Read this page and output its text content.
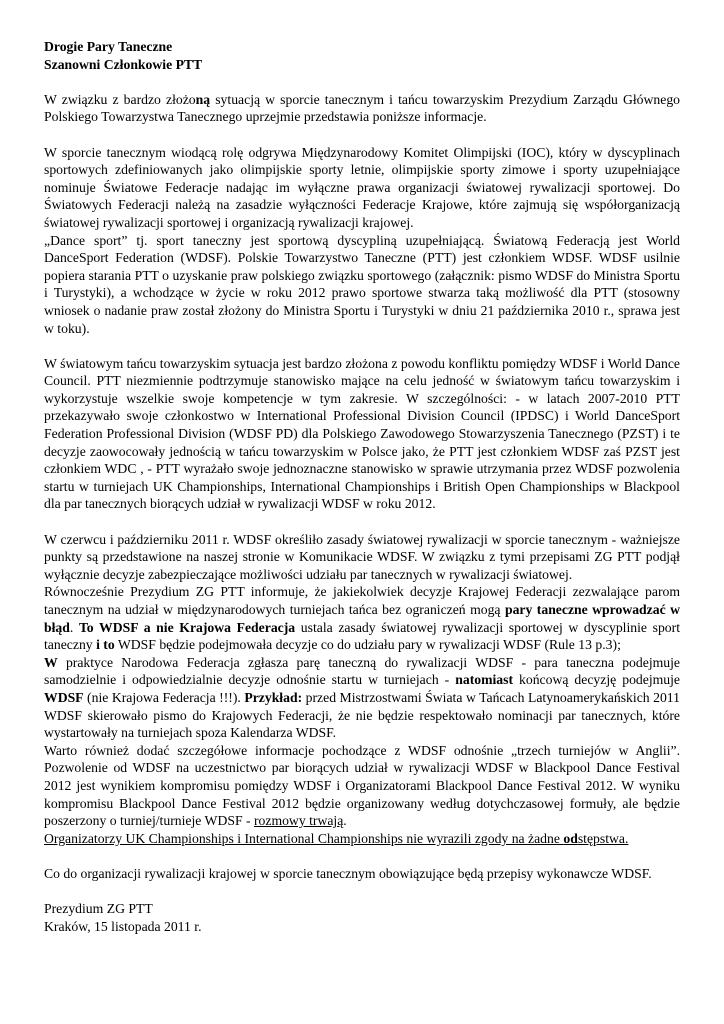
Drogie Pary Taneczne
Szanowni Członkowie PTT

W związku z bardzo złożoną sytuacją w sporcie tanecznym i tańcu towarzyskim Prezydium Zarządu Głównego Polskiego Towarzystwa Tanecznego uprzejmie przedstawia poniższe informacje.

W sporcie tanecznym wiodącą rolę odgrywa Międzynarodowy Komitet Olimpijski (IOC), który w dyscyplinach sportowych zdefiniowanych jako olimpijskie sporty letnie, olimpijskie sporty zimowe i sporty uzupełniające nominuje Światowe Federacje nadając im wyłączne prawa organizacji światowej rywalizacji sportowej. Do Światowych Federacji należą na zasadzie wyłączności Federacje Krajowe, które zajmują się współorganizacją światowej rywalizacji sportowej i organizacją rywalizacji krajowej.

„Dance sport” tj. sport taneczny jest sportową dyscypliną uzupełniającą. Światową Federacją jest World DanceSport Federation (WDSF). Polskie Towarzystwo Taneczne (PTT) jest członkiem WDSF. WDSF usilnie popiera starania PTT o uzyskanie praw polskiego związku sportowego (załącznik: pismo WDSF do Ministra Sportu i Turystyki), a wchodzące w życie w roku 2012 prawo sportowe stwarza taką możliwość dla PTT (stosowny wniosek o nadanie praw został złożony do Ministra Sportu i Turystyki w dniu 21 października 2010 r., sprawa jest w toku).

W światowym tańcu towarzyskim sytuacja jest bardzo złożona z powodu konfliktu pomiędzy WDSF i World Dance Council. PTT niezmiennie podtrzymuje stanowisko mające na celu jedność w światowym tańcu towarzyskim i wykorzystuje wszelkie swoje kompetencje w tym zakresie. W szczególności: - w latach 2007-2010 PTT przekazywało swoje członkostwo w International Professional Division Council (IPDSC) i World DanceSport Federation Professional Division (WDSF PD) dla Polskiego Zawodowego Stowarzyszenia Tanecznego (PZST) i te decyzje zaowocowały jednością w tańcu towarzyskim w Polsce jako, że PTT jest członkiem WDSF zaś PZST jest członkiem WDC , - PTT wyrażało swoje jednoznaczne stanowisko w sprawie utrzymania przez WDSF pozwolenia startu w turniejach UK Championships, International Championships i British Open Championships w Blackpool dla par tanecznych biorących udział w rywalizacji WDSF w roku 2012.

W czerwcu i październiku 2011 r. WDSF określiło zasady światowej rywalizacji w sporcie tanecznym - ważniejsze punkty są przedstawione na naszej stronie w Komunikacie WDSF. W związku z tymi przepisami ZG PTT podjął wyłącznie decyzje zabezpieczające możliwości udziału par tanecznych w rywalizacji światowej.

Równocześnie Prezydium ZG PTT informuje, że jakiekolwiek decyzje Krajowej Federacji zezwalające parom tanecznym na udział w międzynarodowych turniejach tańca bez ograniczeń mogą pary taneczne wprowadzać w błąd. To WDSF a nie Krajowa Federacja ustala zasady światowej rywalizacji sportowej w dyscyplinie sport taneczny i to WDSF będzie podejmowała decyzje co do udziału pary w rywalizacji WDSF (Rule 13 p.3);

W praktyce Narodowa Federacja zgłasza parę taneczną do rywalizacji WDSF - para taneczna podejmuje samodzielnie i odpowiedzialnie decyzje odnośnie startu w turniejach - natomiast końcową decyzję podejmuje WDSF (nie Krajowa Federacja !!!). Przykład: przed Mistrzostwami Świata w Tańcach Latynoamerykańskich 2011 WDSF skierowało pismo do Krajowych Federacji, że nie będzie respektowało nominacji par tanecznych, które wystartowały na turniejach spoza Kalendarza WDSF.

Warto również dodać szczegółowe informacje pochodzące z WDSF odnośnie „trzech turniejów w Anglii”. Pozwolenie od WDSF na uczestnictwo par biorących udział w rywalizacji WDSF w Blackpool Dance Festival 2012 jest wynikiem kompromisu pomiędzy WDSF i Organizatorami Blackpool Dance Festival 2012. W wyniku kompromisu Blackpool Dance Festival 2012 będzie organizowany według dotychczasowej formuły, ale będzie poszerzony o turniej/turnieje WDSF - rozmowy trwają.

Organizatorzy UK Championships i International Championships nie wyrazili zgody na żadne odstępstwa.

Co do organizacji rywalizacji krajowej w sporcie tanecznym obowiązujące będą przepisy wykonawcze WDSF.

Prezydium ZG PTT
Kraków, 15 listopada 2011 r.
